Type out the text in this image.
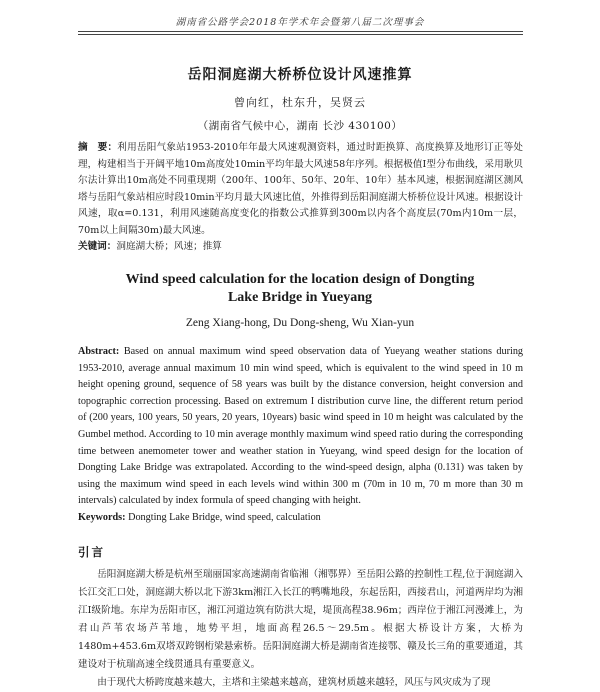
湖南省公路学会2018年学术年会暨第八届二次理事会
岳阳洞庭湖大桥桥位设计风速推算
曾向红，杜东升，吴贤云
（湖南省气候中心，湖南 长沙 430100）
摘　要：利用岳阳气象站1953-2010年年最大风速观测资料，通过时距换算、高度换算及地形订正等处理，构建相当于开阔平地10m高度处10min平均年最大风速58年序列。根据极值Ⅰ型分布曲线，采用耿贝尔法计算出10m高处不同重现期（200年、100年、50年、20年、10年）基本风速，根据洞庭湖区测风塔与岳阳气象站相应时段10min平均月最大风速比值，外推得到岳阳洞庭湖大桥桥位设计风速。根据设计风速，取α=0.131，利用风速随高度变化的指数公式推算到300m以内各个高度层(70m内10m一层，70m以上间隔30m)最大风速。
关键词：洞庭湖大桥；风速；推算
Wind speed calculation for the location design of Dongting
Lake Bridge in Yueyang
Zeng Xiang-hong, Du Dong-sheng, Wu Xian-yun
Abstract: Based on annual maximum wind speed observation data of Yueyang weather stations during 1953-2010, average annual maximum 10 min wind speed, which is equivalent to the wind speed in 10 m height opening ground, sequence of 58 years was built by the distance conversion, height conversion and topographic correction processing. Based on extremum I distribution curve line, the different return period of (200 years, 100 years, 50 years, 20 years, 10years) basic wind speed in 10 m height was calculated by the Gumbel method. According to 10 min average monthly maximum wind speed ratio during the corresponding time between anemometer tower and weather station in Yueyang, wind speed design for the location of Dongting Lake Bridge was extrapolated. According to the wind-speed design, alpha (0.131) was taken by using the maximum wind speed in each levels wind within 300 m (70m in 10 m, 70 m more than 30 m intervals) calculated by index formula of speed changing with height.
Keywords: Dongting Lake Bridge, wind speed, calculation
引言

岳阳洞庭湖大桥是杭州至瑞丽国家高速湖南省临湘（湘鄂界）至岳阳公路的控制性工程,位于洞庭湖入长江交汇口处，洞庭湖大桥以北下游3km湘江入长江的鸭嘴地段，东起岳阳，西接君山，河道两岸均为湘江Ⅰ级阶地。东岸为岳阳市区，湘江河道边筑有防洪大堤，堤顶高程38.96m；西岸位于湘江河漫滩上，为君山芦苇农场芦苇地，地势平坦，地面高程26.5～29.5m。根据大桥设计方案，大桥为1480m+453.6m双塔双跨钢桁梁悬索桥。岳阳洞庭湖大桥是湖南省连接鄂、赣及长三角的重要通道，其建设对于杭瑞高速全线贯通具有重要意义。

由于现代大桥跨度越来越大，主塔和主梁越来越高，建筑材质越来越轻，风压与风灾成为了现
